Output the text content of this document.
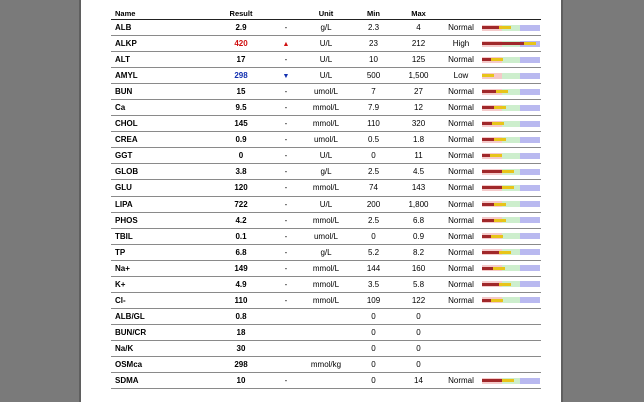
Name	Result		Unit	Min	Max		
ALB	2.9	-	g/L	2.3	4	Normal	

ALKP	420	▲	U/L	23	212	High	

ALT	17	-	U/L	10	125	Normal	

AMYL	298	▼	U/L	500	1,500	Low	

BUN	15	-	umol/L	7	27	Normal	

Ca	9.5	-	mmol/L	7.9	12	Normal	

CHOL	145	-	mmol/L	110	320	Normal	

CREA	0.9	-	umol/L	0.5	1.8	Normal	

GGT	0	-	U/L	0	11	Normal	

GLOB	3.8	-	g/L	2.5	4.5	Normal	

GLU	120	-	mmol/L	74	143	Normal	

LIPA	722	-	U/L	200	1,800	Normal	

PHOS	4.2	-	mmol/L	2.5	6.8	Normal	

TBIL	0.1	-	umol/L	0	0.9	Normal	

TP	6.8	-	g/L	5.2	8.2	Normal	

Na+	149	-	mmol/L	144	160	Normal	

K+	4.9	-	mmol/L	3.5	5.8	Normal	

Cl-	110	-	mmol/L	109	122	Normal	

ALB/GL	0.8			0	0		
BUN/CR	18			0	0		
Na/K	30			0	0		
OSMca	298		mmol/kg	0	0		
SDMA	10	-		0	14	Normal	
